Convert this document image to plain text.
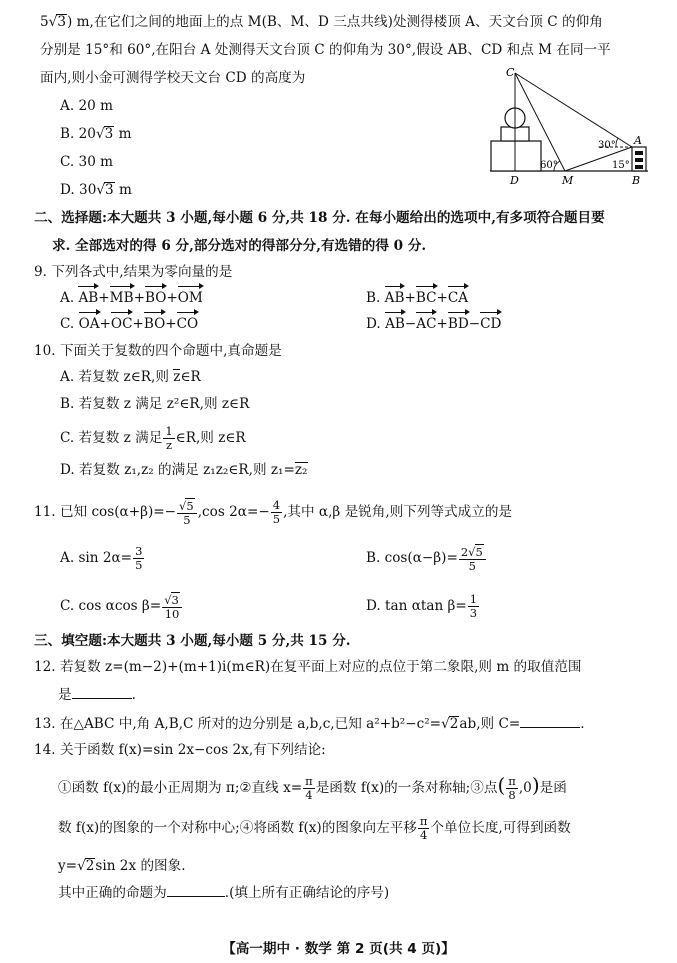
5√3) m,在它们之间的地面上的点 M(B、M、D 三点共线)处测得楼顶 A、天文台顶 C 的仰角
分别是 15°和 60°,在阳台 A 处测得天文台顶 C 的仰角为 30°,假设 AB、CD 和点 M 在同一平
面内,则小金可测得学校天文台 CD 的高度为
A. 20 m
B. 20√3 m
C. 30 m
D. 30√3 m
C
A
D	M	B
60°
30°
15°
二、选择题:本大题共 3 小题,每小题 6 分,共 18 分. 在每小题给出的选项中,有多项符合题目要
求. 全部选对的得 6 分,部分选对的得部分分,有选错的得 0 分.
9. 下列各式中,结果为零向量的是
A. AB+MB+BO+OM	B. AB+BC+CA
C. OA+OC+BO+CO	D. AB−AC+BD−CD
10. 下面关于复数的四个命题中,真命题是
A. 若复数 z∈R,则 z∈R
B. 若复数 z 满足 z²∈R,则 z∈R
C. 若复数 z 满足 $\frac{1}{z}$ ∈R,则 z∈R
D. 若复数 z₁,z₂ 的满足 z₁z₂∈R,则 z₁=z₂
11. 已知 $\cos(\alpha+\beta)=- \frac{√5}{5} ,\cos$ $2\alpha=- \frac{4}{5}$ ,其中 α,β 是锐角,则下列等式成立的是
A. $\sin 2\alpha= \frac{3}{5}$	B. $\cos(\alpha-\beta)= \frac{2√5}{5}$
C. cos αcos $\beta= \frac{√3}{10}$	D. tan αtan $\beta= \frac{1}{3}$
三、填空题:本大题共 3 小题,每小题 5 分,共 15 分.
12. 若复数 z=(m−2)+(m+1)i(m∈R)在复平面上对应的点位于第二象限,则 m 的取值范围
是	.
13. 在△ABC 中,角 A,B,C 所对的边分别是 a,b,c,已知 a²+b²−c²=√2ab,则 C=	.
14. 关于函数 f(x)=sin 2x−cos 2x,有下列结论:
①函数 f(x)的最小正周期为 π;②直线 $x= \frac{\pi}{4}$ 是函数 f(x)的一条对称轴;③点( $\frac{\pi}{8} ,0$)是函
数 f(x)的图象的一个对称中心;④将函数 f(x)的图象向左平移 $\frac{\pi}{4}$ 个单位长度,可得到函数
y=√2sin 2x 的图象.
其中正确的命题为	.(填上所有正确结论的序号)
【高一期中 · 数学 第 2 页(共 4 页)】
